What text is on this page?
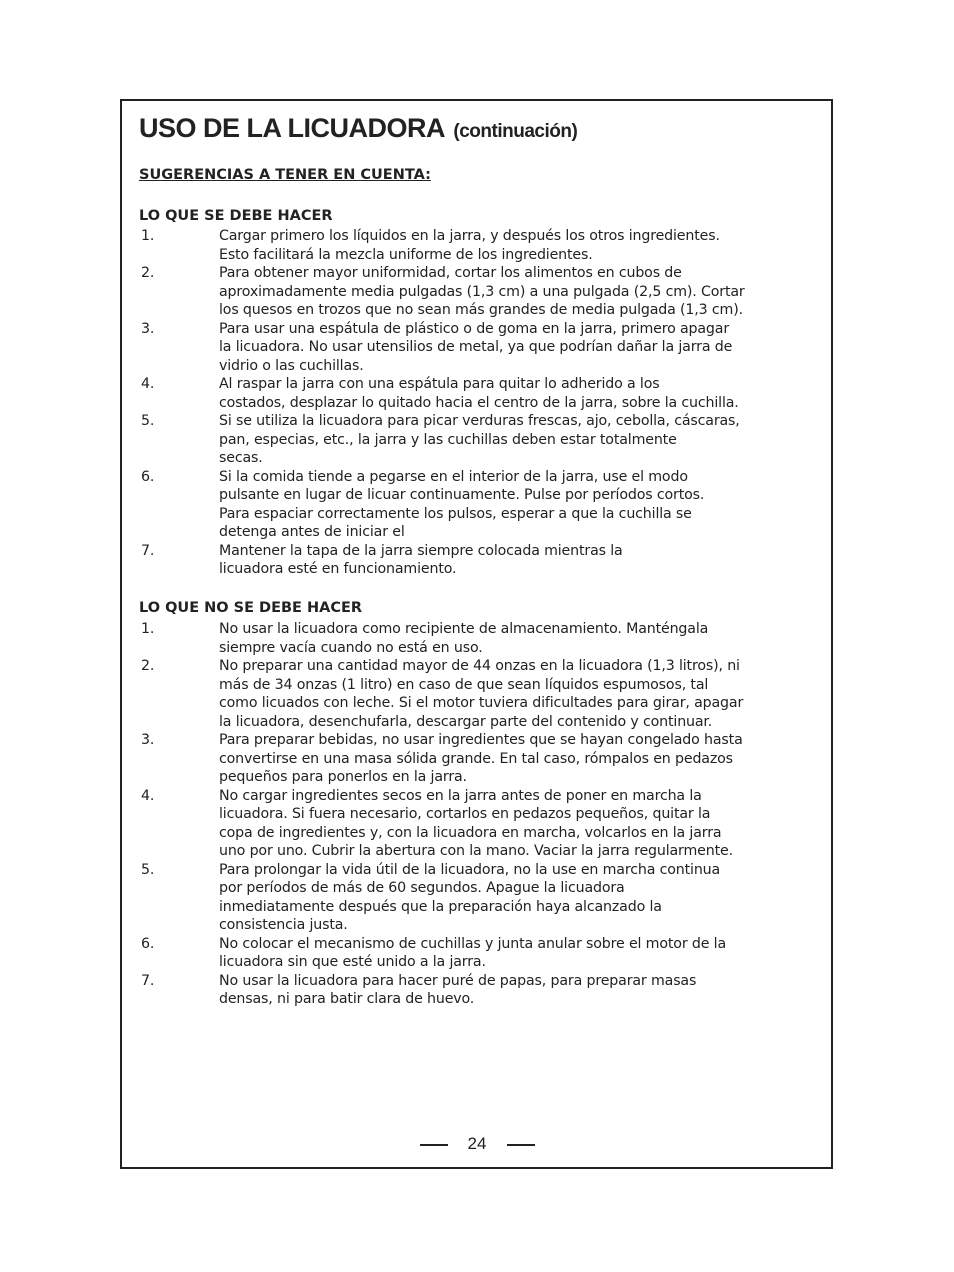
USO DE LA LICUADORA (continuación)
SUGERENCIAS A TENER EN CUENTA:
LO QUE SE DEBE HACER
1.	Cargar primero los líquidos en la jarra, y después los otros ingredientes.
Esto facilitará la mezcla uniforme de los ingredientes.
2.	Para obtener mayor uniformidad, cortar los alimentos en cubos de
aproximadamente media pulgadas (1,3 cm) a una pulgada (2,5 cm). Cortar
los quesos en trozos que no sean más grandes de media pulgada (1,3 cm).
3.	Para usar una espátula de plástico o de goma en la jarra, primero apagar
la licuadora. No usar utensilios de metal, ya que podrían dañar la jarra de
vidrio o las cuchillas.
4.	Al raspar la jarra con una espátula para quitar lo adherido a los
costados, desplazar lo quitado hacia el centro de la jarra, sobre la cuchilla.
5.	Si se utiliza la licuadora para picar verduras frescas, ajo, cebolla, cáscaras,
pan, especias, etc., la jarra y las cuchillas deben estar totalmente
secas.
6.	Si la comida tiende a pegarse en el interior de la jarra, use el modo
pulsante en lugar de licuar continuamente. Pulse por períodos cortos.
Para espaciar correctamente los pulsos, esperar a que la cuchilla se
detenga antes de iniciar el
7.	Mantener la tapa de la jarra siempre colocada mientras la
licuadora esté en funcionamiento.
LO QUE NO SE DEBE HACER
1.	No usar la licuadora como recipiente de almacenamiento. Manténgala
siempre vacía cuando no está en uso.
2.	No preparar una cantidad mayor de 44 onzas en la licuadora (1,3 litros), ni
más de 34 onzas (1 litro) en caso de que sean líquidos espumosos, tal
como licuados con leche. Si el motor tuviera dificultades para girar, apagar
la licuadora, desenchufarla, descargar parte del contenido y continuar.
3.	Para preparar bebidas, no usar ingredientes que se hayan congelado hasta
convertirse en una masa sólida grande. En tal caso, rómpalos en pedazos
pequeños para ponerlos en la jarra.
4.	No cargar ingredientes secos en la jarra antes de poner en marcha la
licuadora. Si fuera necesario, cortarlos en pedazos pequeños, quitar la
copa de ingredientes y, con la licuadora en marcha, volcarlos en la jarra
uno por uno. Cubrir la abertura con la mano. Vaciar la jarra regularmente.
5.	Para prolongar la vida útil de la licuadora, no la use en marcha continua
por períodos de más de 60 segundos. Apague la licuadora
inmediatamente después que la preparación haya alcanzado la
consistencia justa.
6.	No colocar el mecanismo de cuchillas y junta anular sobre el motor de la
licuadora sin que esté unido a la jarra.
7.	No usar la licuadora para hacer puré de papas, para preparar masas
densas, ni para batir clara de huevo.
24
